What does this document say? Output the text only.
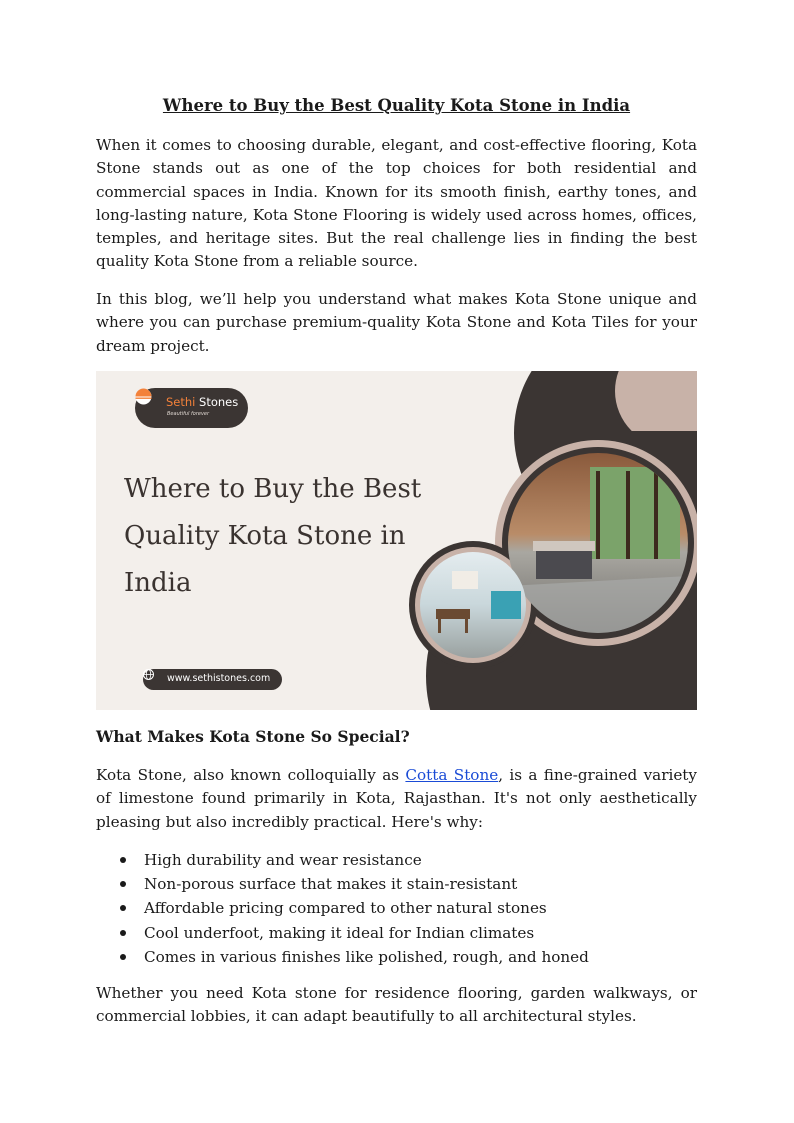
Where to Buy the Best Quality Kota Stone in India

When it comes to choosing durable, elegant, and cost-effective flooring, Kota Stone stands out as one of the top choices for both residential and commercial spaces in India. Known for its smooth finish, earthy tones, and long-lasting nature, Kota Stone Flooring is widely used across homes, offices, temples, and heritage sites. But the real challenge lies in finding the best quality Kota Stone from a reliable source.

In this blog, we’ll help you understand what makes Kota Stone unique and where you can purchase premium-quality Kota Stone and Kota Tiles for your dream project.

Sethi Stones
Beautiful forever
Where to Buy the Best
Quality Kota Stone in
India
www.sethistones.com
What Makes Kota Stone So Special?

Kota Stone, also known colloquially as Cotta Stone, is a fine-grained variety of limestone found primarily in Kota, Rajasthan. It's not only aesthetically pleasing but also incredibly practical. Here's why:

High durability and wear resistance
Non-porous surface that makes it stain-resistant
Affordable pricing compared to other natural stones
Cool underfoot, making it ideal for Indian climates
Comes in various finishes like polished, rough, and honed

Whether you need Kota stone for residence flooring, garden walkways, or commercial lobbies, it can adapt beautifully to all architectural styles.
